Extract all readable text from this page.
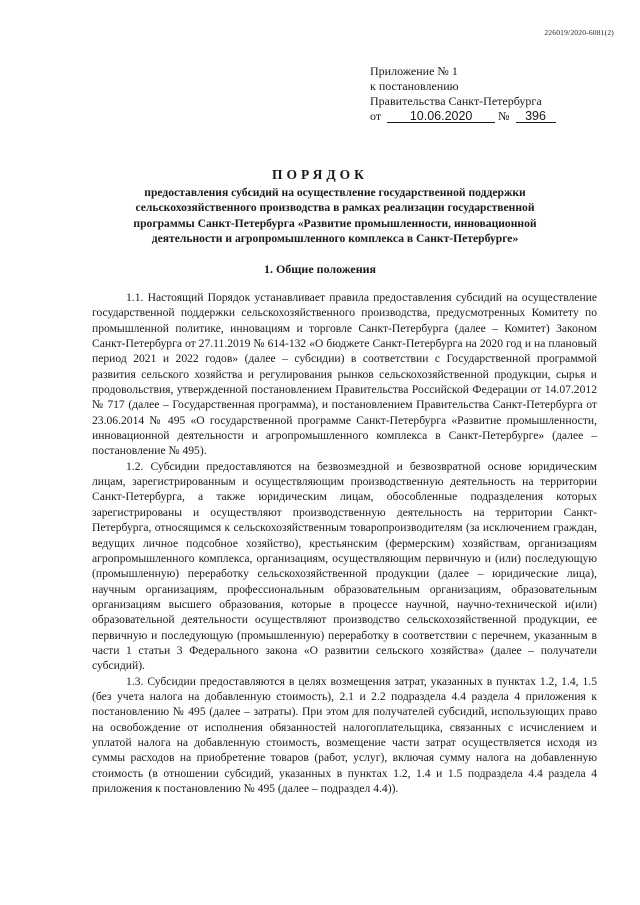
226019/2020-6081(2)
Приложение № 1
к постановлению
Правительства Санкт-Петербурга
от 10.06.2020 № 396
ПОРЯДОК
предоставления субсидий на осуществление государственной поддержки сельскохозяйственного производства в рамках реализации государственной программы Санкт-Петербурга «Развитие промышленности, инновационной деятельности и агропромышленного комплекса в Санкт-Петербурге»
1. Общие положения

1.1. Настоящий Порядок устанавливает правила предоставления субсидий на осуществление государственной поддержки сельскохозяйственного производства, предусмотренных Комитету по промышленной политике, инновациям и торговле Санкт-Петербурга (далее – Комитет) Законом Санкт-Петербурга от 27.11.2019 № 614-132 «О бюджете Санкт-Петербурга на 2020 год и на плановый период 2021 и 2022 годов» (далее – субсидии) в соответствии с Государственной программой развития сельского хозяйства и регулирования рынков сельскохозяйственной продукции, сырья и продовольствия, утвержденной постановлением Правительства Российской Федерации от 14.07.2012 № 717 (далее – Государственная программа), и постановлением Правительства Санкт-Петербурга от 23.06.2014 № 495 «О государственной программе Санкт-Петербурга «Развитие промышленности, инновационной деятельности и агропромышленного комплекса в Санкт-Петербурге» (далее – постановление № 495).

1.2. Субсидии предоставляются на безвозмездной и безвозвратной основе юридическим лицам, зарегистрированным и осуществляющим производственную деятельность на территории Санкт-Петербурга, а также юридическим лицам, обособленные подразделения которых зарегистрированы и осуществляют производственную деятельность на территории Санкт-Петербурга, относящимся к сельскохозяйственным товаропроизводителям (за исключением граждан, ведущих личное подсобное хозяйство), крестьянским (фермерским) хозяйствам, организациям агропромышленного комплекса, организациям, осуществляющим первичную и (или) последующую (промышленную) переработку сельскохозяйственной продукции (далее – юридические лица), научным организациям, профессиональным образовательным организациям, образовательным организациям высшего образования, которые в процессе научной, научно-технической и(или) образовательной деятельности осуществляют производство сельскохозяйственной продукции, ее первичную и последующую (промышленную) переработку в соответствии с перечнем, указанным в части 1 статьи 3 Федерального закона «О развитии сельского хозяйства» (далее – получатели субсидий).

1.3. Субсидии предоставляются в целях возмещения затрат, указанных в пунктах 1.2, 1.4, 1.5 (без учета налога на добавленную стоимость), 2.1 и 2.2 подраздела 4.4 раздела 4 приложения к постановлению № 495 (далее – затраты). При этом для получателей субсидий, использующих право на освобождение от исполнения обязанностей налогоплательщика, связанных с исчислением и уплатой налога на добавленную стоимость, возмещение части затрат осуществляется исходя из суммы расходов на приобретение товаров (работ, услуг), включая сумму налога на добавленную стоимость (в отношении субсидий, указанных в пунктах 1.2, 1.4 и 1.5 подраздела 4.4 раздела 4 приложения к постановлению № 495 (далее – подраздел 4.4)).
